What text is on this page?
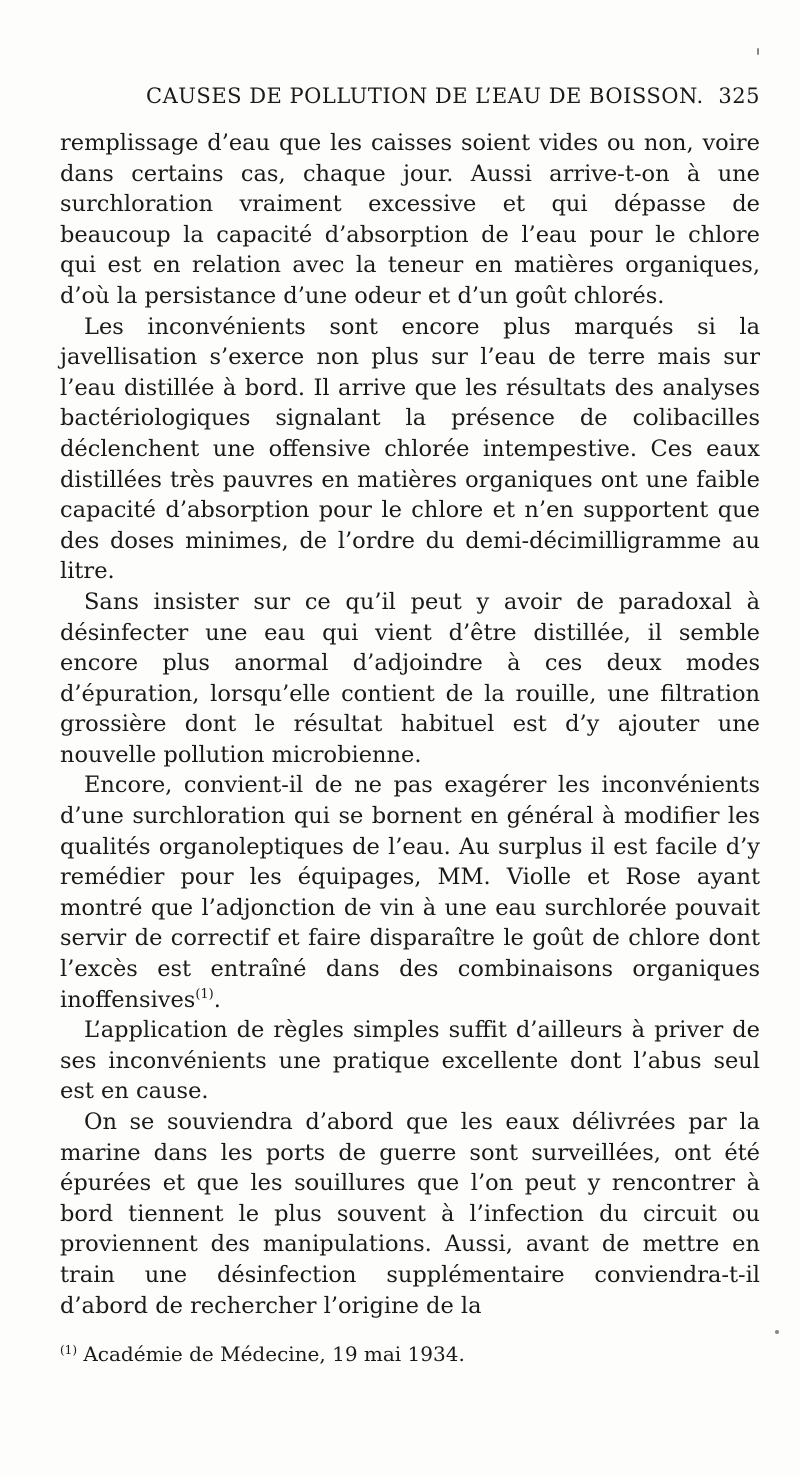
CAUSES DE POLLUTION DE L’EAU DE BOISSON. 325

remplissage d’eau que les caisses soient vides ou non, voire dans certains cas, chaque jour. Aussi arrive-t-on à une surchloration vraiment excessive et qui dépasse de beaucoup la capacité d’absorption de l’eau pour le chlore qui est en relation avec la teneur en matières organiques, d’où la persistance d’une odeur et d’un goût chlorés.

Les inconvénients sont encore plus marqués si la javellisation s’exerce non plus sur l’eau de terre mais sur l’eau distillée à bord. Il arrive que les résultats des analyses bactériologiques signalant la présence de colibacilles déclenchent une offensive chlorée intempestive. Ces eaux distillées très pauvres en matières organiques ont une faible capacité d’absorption pour le chlore et n’en supportent que des doses minimes, de l’ordre du demi-décimilligramme au litre.

Sans insister sur ce qu’il peut y avoir de paradoxal à désinfecter une eau qui vient d’être distillée, il semble encore plus anormal d’adjoindre à ces deux modes d’épuration, lorsqu’elle contient de la rouille, une filtration grossière dont le résultat habituel est d’y ajouter une nouvelle pollution microbienne.

Encore, convient-il de ne pas exagérer les inconvénients d’une surchloration qui se bornent en général à modifier les qualités organoleptiques de l’eau. Au surplus il est facile d’y remédier pour les équipages, MM. Violle et Rose ayant montré que l’adjonction de vin à une eau surchlorée pouvait servir de correctif et faire disparaître le goût de chlore dont l’excès est entraîné dans des combinaisons organiques inoffensives$^{(1)}$.

L’application de règles simples suffit d’ailleurs à priver de ses inconvénients une pratique excellente dont l’abus seul est en cause.

On se souviendra d’abord que les eaux délivrées par la marine dans les ports de guerre sont surveillées, ont été épurées et que les souillures que l’on peut y rencontrer à bord tiennent le plus souvent à l’infection du circuit ou proviennent des manipulations. Aussi, avant de mettre en train une désinfection supplémentaire conviendra-t-il d’abord de rechercher l’origine de la

$^{(1)}$ Académie de Médecine, 19 mai 1934.
